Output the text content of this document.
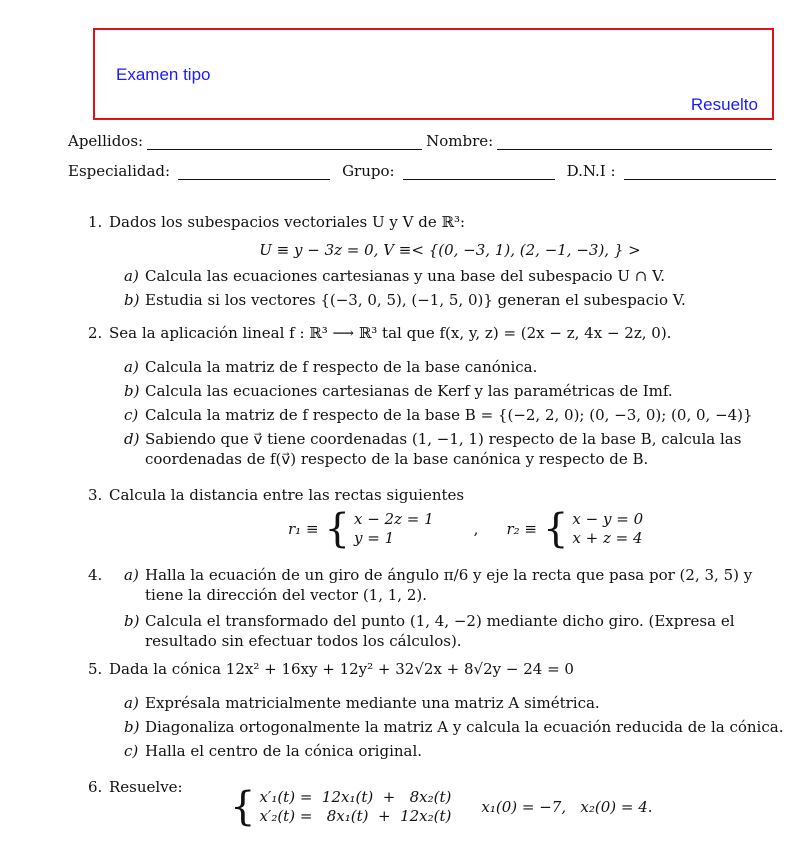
Examen tipo
Resuelto
Apellidos:	Nombre:
Especialidad:	Grupo:	D.N.I :
1. Dados los subespacios vectoriales U y V de ℝ³:
U ≡ y − 3z = 0, V ≡< {(0, −3, 1), (2, −1, −3), } >
a) Calcula las ecuaciones cartesianas y una base del subespacio U ∩ V.
b) Estudia si los vectores {(−3, 0, 5), (−1, 5, 0)} generan el subespacio V.
2. Sea la aplicación lineal f : ℝ³ ⟶ ℝ³ tal que f(x, y, z) = (2x − z, 4x − 2z, 0).
a) Calcula la matriz de f respecto de la base canónica.
b) Calcula las ecuaciones cartesianas de Kerf y las paramétricas de Imf.
c) Calcula la matriz de f respecto de la base B = {(−2, 2, 0); (0, −3, 0); (0, 0, −4)}
d) Sabiendo que v⃗ tiene coordenadas (1, −1, 1) respecto de la base B, calcula las coordenadas de f(v⃗) respecto de la base canónica y respecto de B.
3. Calcula la distancia entre las rectas siguientes
r₁ ≡ { x − 2z = 1
y = 1	, r₂ ≡ { x − y = 0
x + z = 4
4. a) Halla la ecuación de un giro de ángulo π/6 y eje la recta que pasa por (2, 3, 5) y tiene la dirección del vector (1, 1, 2).
b) Calcula el transformado del punto (1, 4, −2) mediante dicho giro. (Expresa el resultado sin efectuar todos los cálculos).
5. Dada la cónica 12x² + 16xy + 12y² + 32√2x + 8√2y − 24 = 0
a) Exprésala matricialmente mediante una matriz A simétrica.
b) Diagonaliza ortogonalmente la matriz A y calcula la ecuación reducida de la cónica.
c) Halla el centro de la cónica original.
6. Resuelve:	{ x′₁(t) =  12x₁(t)  +   8x₂(t)
x′₂(t) =   8x₁(t)  +  12x₂(t) x₁(0) = −7,   x₂(0) = 4.
